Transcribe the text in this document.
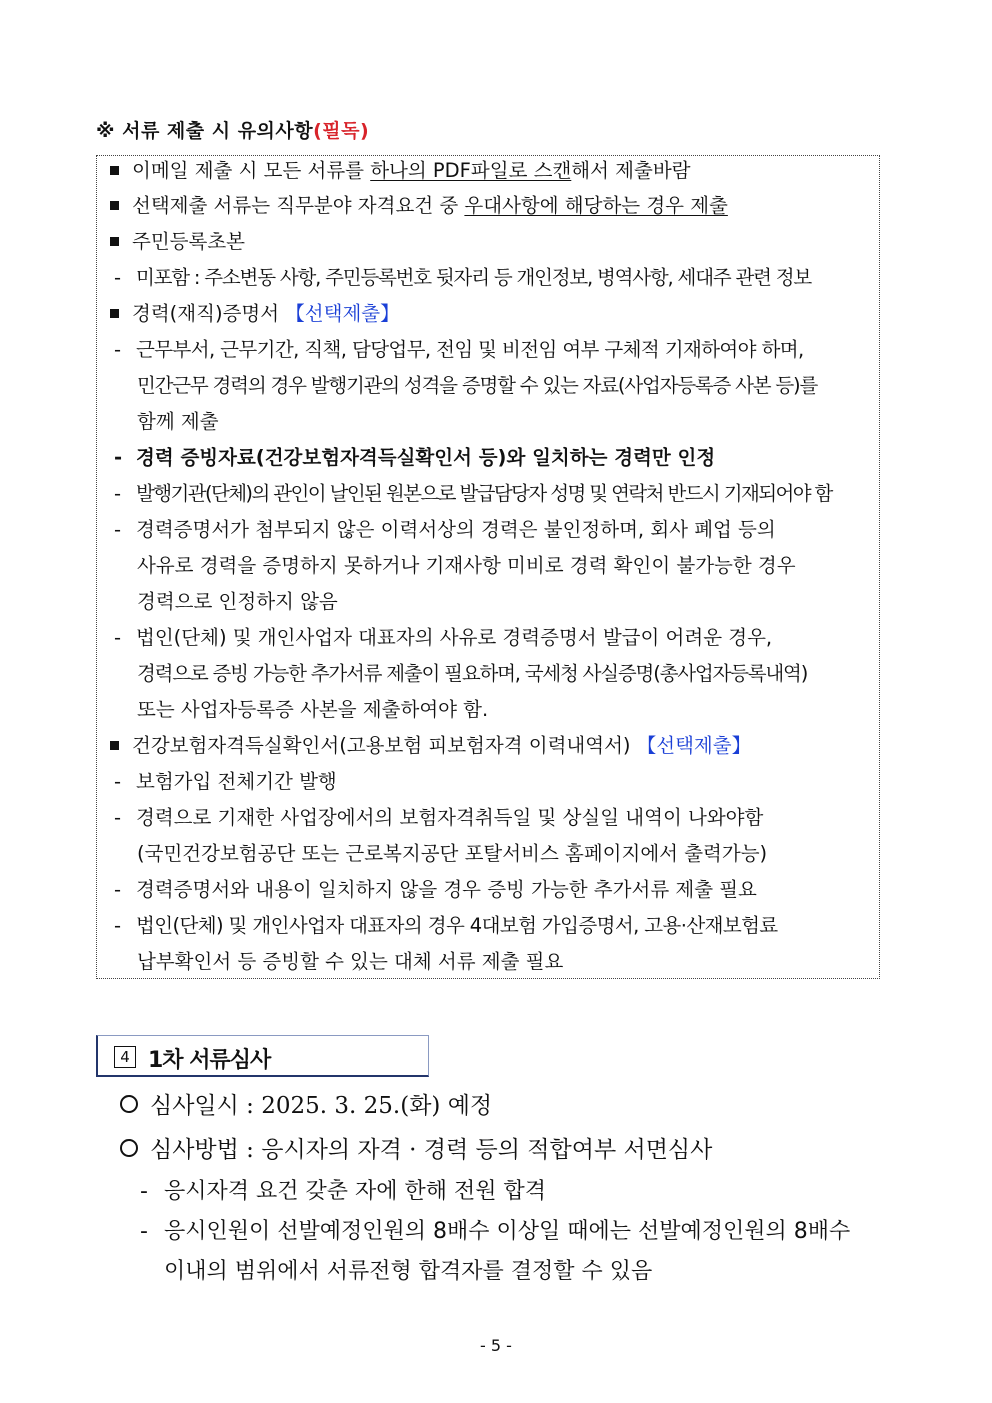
※ 서류 제출 시 유의사항(필독)
이메일 제출 시 모든 서류를 하나의 PDF파일로 스캔해서 제출바람
선택제출 서류는 직무분야 자격요건 중 우대사항에 해당하는 경우 제출
주민등록초본
- 미포함 : 주소변동 사항, 주민등록번호 뒷자리 등 개인정보, 병역사항, 세대주 관련 정보
경력(재직)증명서 【선택제출】
- 근무부서, 근무기간, 직책, 담당업무, 전임 및 비전임 여부 구체적 기재하여야 하며,
민간근무 경력의 경우 발행기관의 성격을 증명할 수 있는 자료(사업자등록증 사본 등)를
함께 제출
- 경력 증빙자료(건강보험자격득실확인서 등)와 일치하는 경력만 인정
- 발행기관(단체)의 관인이 날인된 원본으로 발급담당자 성명 및 연락처 반드시 기재되어야 함
- 경력증명서가 첨부되지 않은 이력서상의 경력은 불인정하며, 회사 폐업 등의
사유로 경력을 증명하지 못하거나 기재사항 미비로 경력 확인이 불가능한 경우
경력으로 인정하지 않음
- 법인(단체) 및 개인사업자 대표자의 사유로 경력증명서 발급이 어려운 경우,
경력으로 증빙 가능한 추가서류 제출이 필요하며, 국세청 사실증명(총사업자등록내역)
또는 사업자등록증 사본을 제출하여야 함.
건강보험자격득실확인서(고용보험 피보험자격 이력내역서) 【선택제출】
- 보험가입 전체기간 발행
- 경력으로 기재한 사업장에서의 보험자격취득일 및 상실일 내역이 나와야함
(국민건강보험공단 또는 근로복지공단 포탈서비스 홈페이지에서 출력가능)
- 경력증명서와 내용이 일치하지 않을 경우 증빙 가능한 추가서류 제출 필요
- 법인(단체) 및 개인사업자 대표자의 경우 4대보험 가입증명서, 고용·산재보험료
납부확인서 등 증빙할 수 있는 대체 서류 제출 필요
4 1차 서류심사
심사일시 : 2025. 3. 25.(화) 예정
심사방법 : 응시자의 자격 · 경력 등의 적합여부 서면심사
- 응시자격 요건 갖춘 자에 한해 전원 합격
- 응시인원이 선발예정인원의 8배수 이상일 때에는 선발예정인원의 8배수
이내의 범위에서 서류전형 합격자를 결정할 수 있음
- 5 -
